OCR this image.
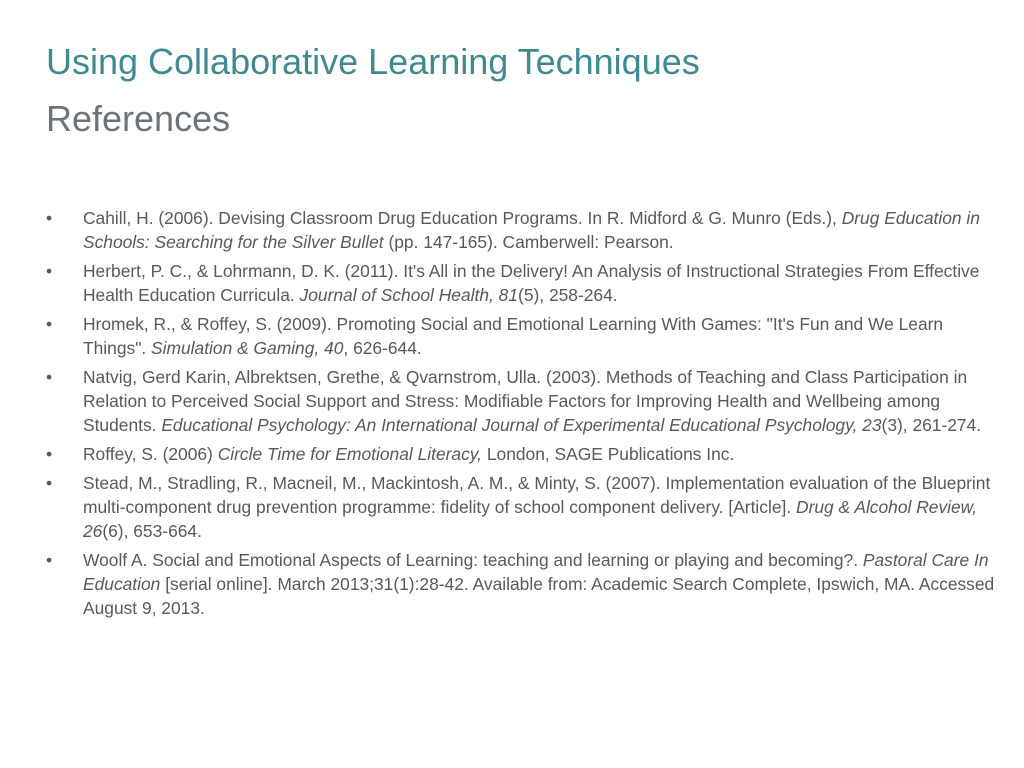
Using Collaborative Learning Techniques
References
•	Cahill, H. (2006). Devising Classroom Drug Education Programs. In R. Midford & G. Munro (Eds.), Drug Education in Schools: Searching for the Silver Bullet (pp. 147-165). Camberwell: Pearson.
•	Herbert, P. C., & Lohrmann, D. K. (2011). It's All in the Delivery! An Analysis of Instructional Strategies From Effective Health Education Curricula. Journal of School Health, 81(5), 258-264.
•	Hromek, R., & Roffey, S. (2009). Promoting Social and Emotional Learning With Games: "It's Fun and We Learn Things". Simulation & Gaming, 40, 626-644.
•	Natvig, Gerd Karin, Albrektsen, Grethe, & Qvarnstrom, Ulla. (2003). Methods of Teaching and Class Participation in Relation to Perceived Social Support and Stress: Modifiable Factors for Improving Health and Wellbeing among Students. Educational Psychology: An International Journal of Experimental Educational Psychology, 23(3), 261-274.
•	Roffey, S. (2006) Circle Time for Emotional Literacy, London, SAGE Publications Inc.
•	Stead, M., Stradling, R., Macneil, M., Mackintosh, A. M., & Minty, S. (2007). Implementation evaluation of the Blueprint multi-component drug prevention programme: fidelity of school component delivery. [Article]. Drug & Alcohol Review, 26(6), 653-664.
•	Woolf A. Social and Emotional Aspects of Learning: teaching and learning or playing and becoming?. Pastoral Care In Education [serial online]. March 2013;31(1):28-42. Available from: Academic Search Complete, Ipswich, MA. Accessed August 9, 2013.
